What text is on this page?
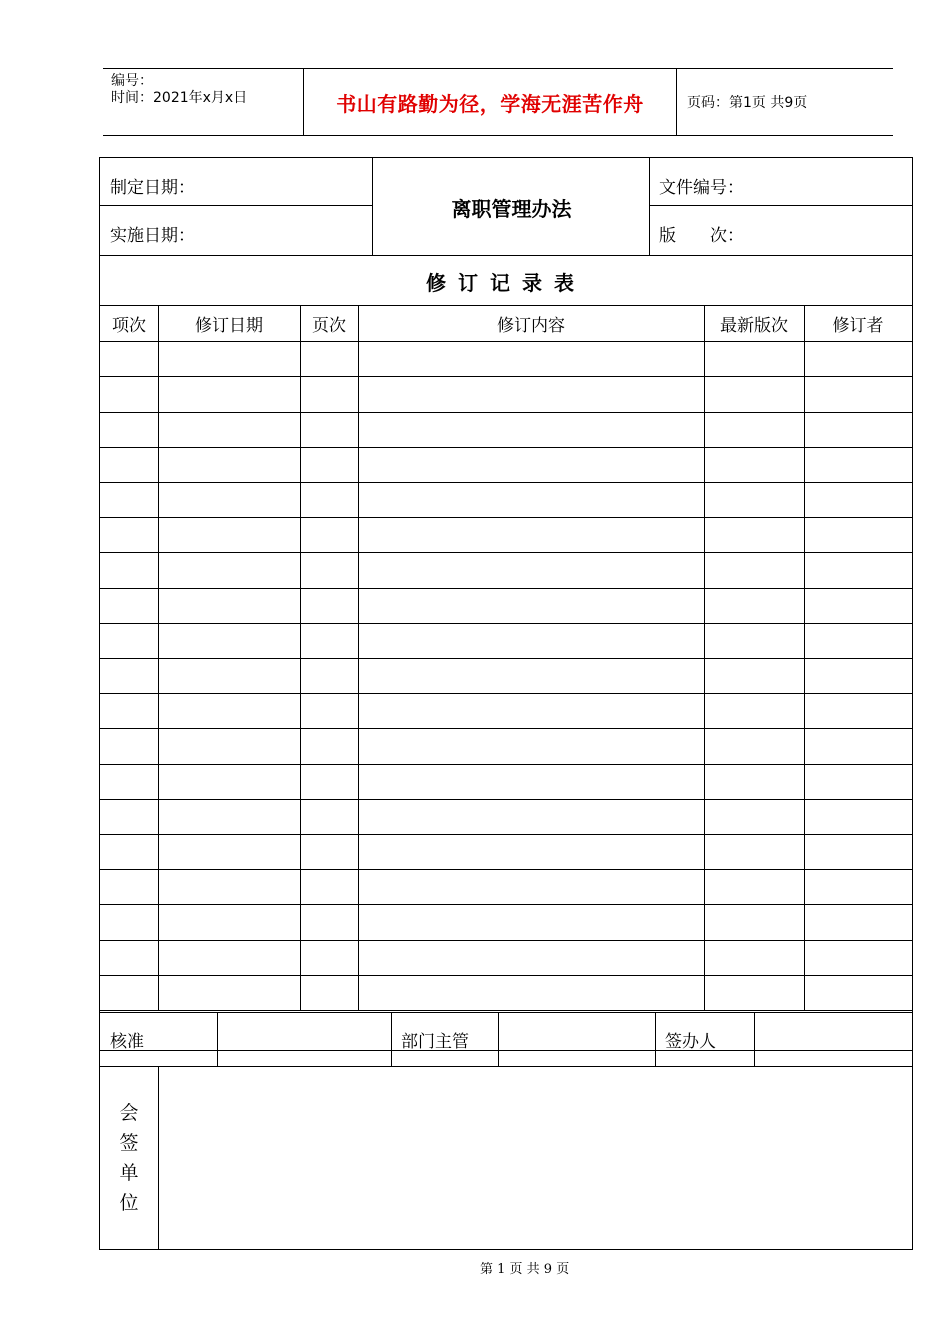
编号：
时间：2021年x月x日	书山有路勤为径，学海无涯苦作舟	页码：第1页 共9页
制定日期：
实施日期：
离职管理办法
文件编号：
版　　次：
修订记录表
项次	修订日期	页次	修订内容	最新版次	修订者
核准	部门主管	签办人
会
签
单
位
第 1 页 共 9 页
